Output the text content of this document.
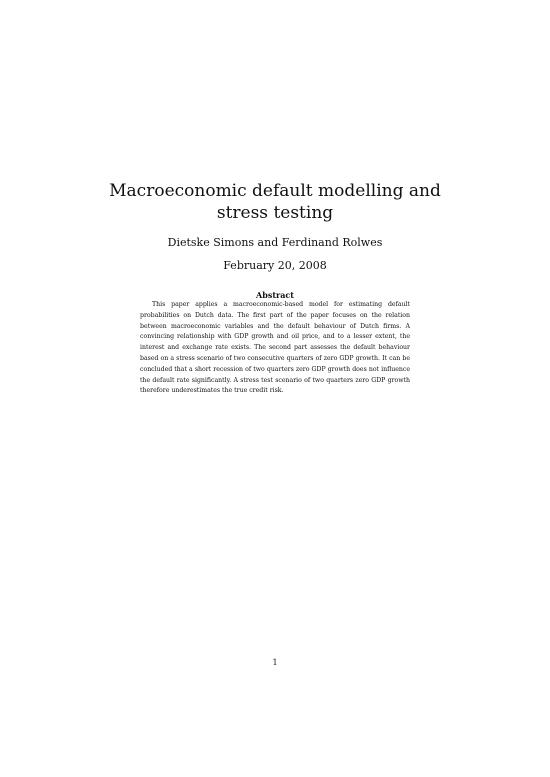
Macroeconomic default modelling and stress testing
Dietske Simons and Ferdinand Rolwes
February 20, 2008
Abstract

This paper applies a macroeconomic-based model for estimating default probabilities on Dutch data. The first part of the paper focuses on the relation between macroeconomic variables and the default behaviour of Dutch firms. A convincing relationship with GDP growth and oil price, and to a lesser extent, the interest and exchange rate exists. The second part assesses the default behaviour based on a stress scenario of two consecutive quarters of zero GDP growth. It can be concluded that a short recession of two quarters zero GDP growth does not influence the default rate significantly. A stress test scenario of two quarters zero GDP growth therefore underestimates the true credit risk.

1
